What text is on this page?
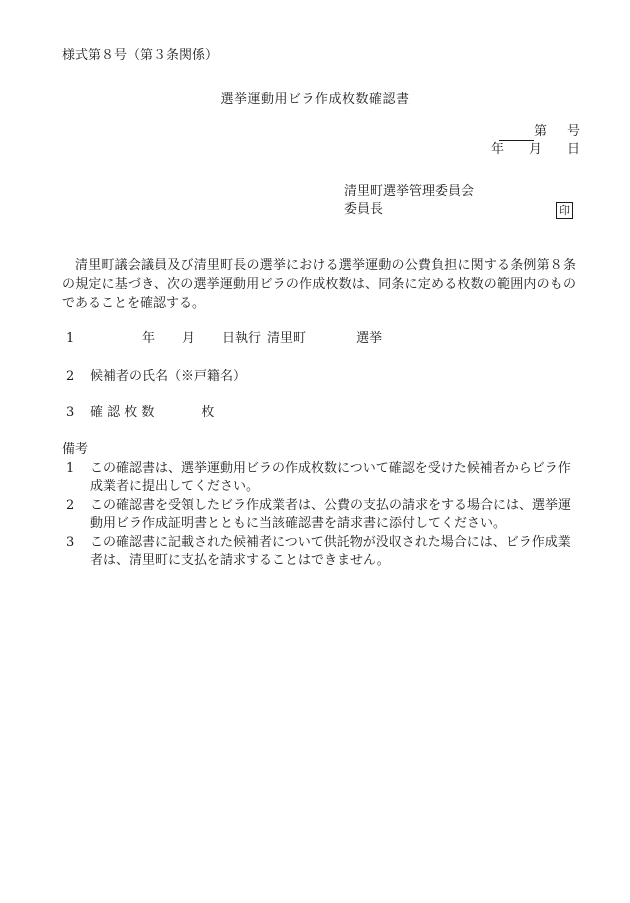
様式第８号（第３条関係）
選挙運動用ビラ作成枚数確認書
第 号
年 月 日
清里町選挙管理委員会
委員長	印
清里町議会議員及び清里町長の選挙における選挙運動の公費負担に関する条例第８条の規定に基づき、次の選挙運動用ビラの作成枚数は、同条に定める枚数の範囲内のものであることを確認する。
1	年 月 日執行 清里町	選挙
2 候補者の氏名（※戸籍名）
3 確 認 枚 数	枚
備考
1 この確認書は、選挙運動用ビラの作成枚数について確認を受けた候補者からビラ作成業者に提出してください。
2 この確認書を受領したビラ作成業者は、公費の支払の請求をする場合には、選挙運動用ビラ作成証明書とともに当該確認書を請求書に添付してください。
3 この確認書に記載された候補者について供託物が没収された場合には、ビラ作成業者は、清里町に支払を請求することはできません。
